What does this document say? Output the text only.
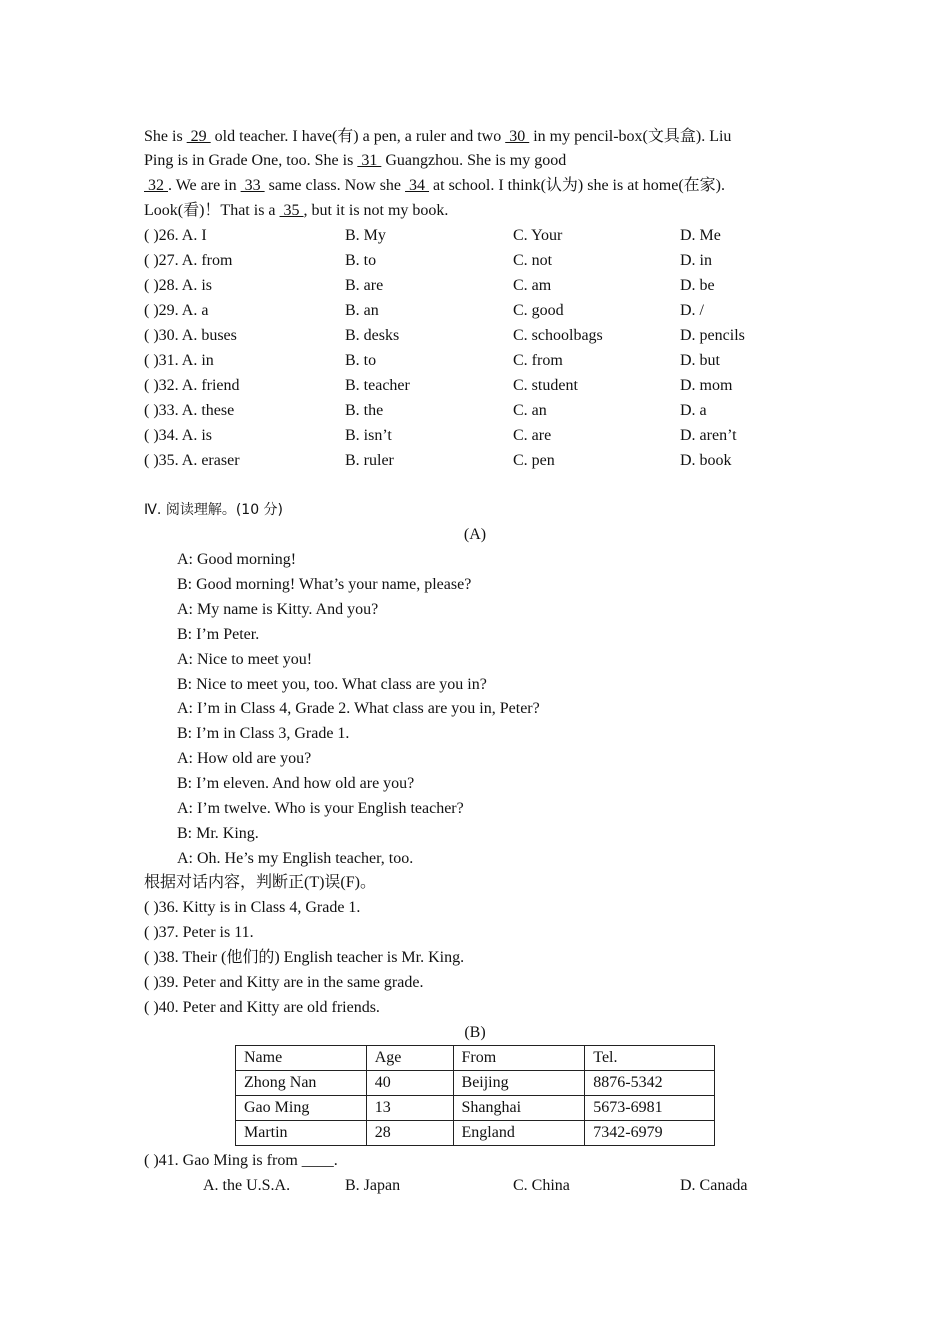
She is  29  old teacher. I have(有) a pen, a ruler and two  30  in my pencil-box(文具盒). Liu
Ping is in Grade One, too. She is  31  Guangzhou. She is my good
32 . We are in  33  same class. Now she  34  at school. I think(认为) she is at home(在家).
Look(看)！That is a  35 , but it is not my book.
( )26. A. I	B. My	C. Your	D. Me
( )27. A. from	B. to	C. not	D. in
( )28. A. is	B. are	C. am	D. be
( )29. A. a	B. an	C. good	D. /
( )30. A. buses	B. desks	C. schoolbags	D. pencils
( )31. A. in	B. to	C. from	D. but
( )32. A. friend	B. teacher	C. student	D. mom
( )33. A. these	B. the	C. an	D. a
( )34. A. is	B. isn’t	C. are	D. aren’t
( )35. A. eraser	B. ruler	C. pen	D. book
Ⅳ. 阅读理解。(10 分)
(A)
A: Good morning!
B: Good morning! What’s your name, please?
A: My name is Kitty. And you?
B: I’m Peter.
A: Nice to meet you!
B: Nice to meet you, too. What class are you in?
A: I’m in Class 4, Grade 2. What class are you in, Peter?
B: I’m in Class 3, Grade 1.
A: How old are you?
B: I’m eleven. And how old are you?
A: I’m twelve. Who is your English teacher?
B: Mr. King.
A: Oh. He’s my English teacher, too.
根据对话内容，判断正(T)误(F)。
( )36. Kitty is in Class 4, Grade 1.
( )37. Peter is 11.
( )38. Their (他们的) English teacher is Mr. King.
( )39. Peter and Kitty are in the same grade.
( )40. Peter and Kitty are old friends.
(B)
Name	Age	From	Tel.
Zhong Nan	40	Beijing	8876-5342
Gao Ming	13	Shanghai	5673-6981
Martin	28	England	7342-6979
( )41. Gao Ming is from ____.
A. the U.S.A.	B. Japan	C. China	D. Canada
